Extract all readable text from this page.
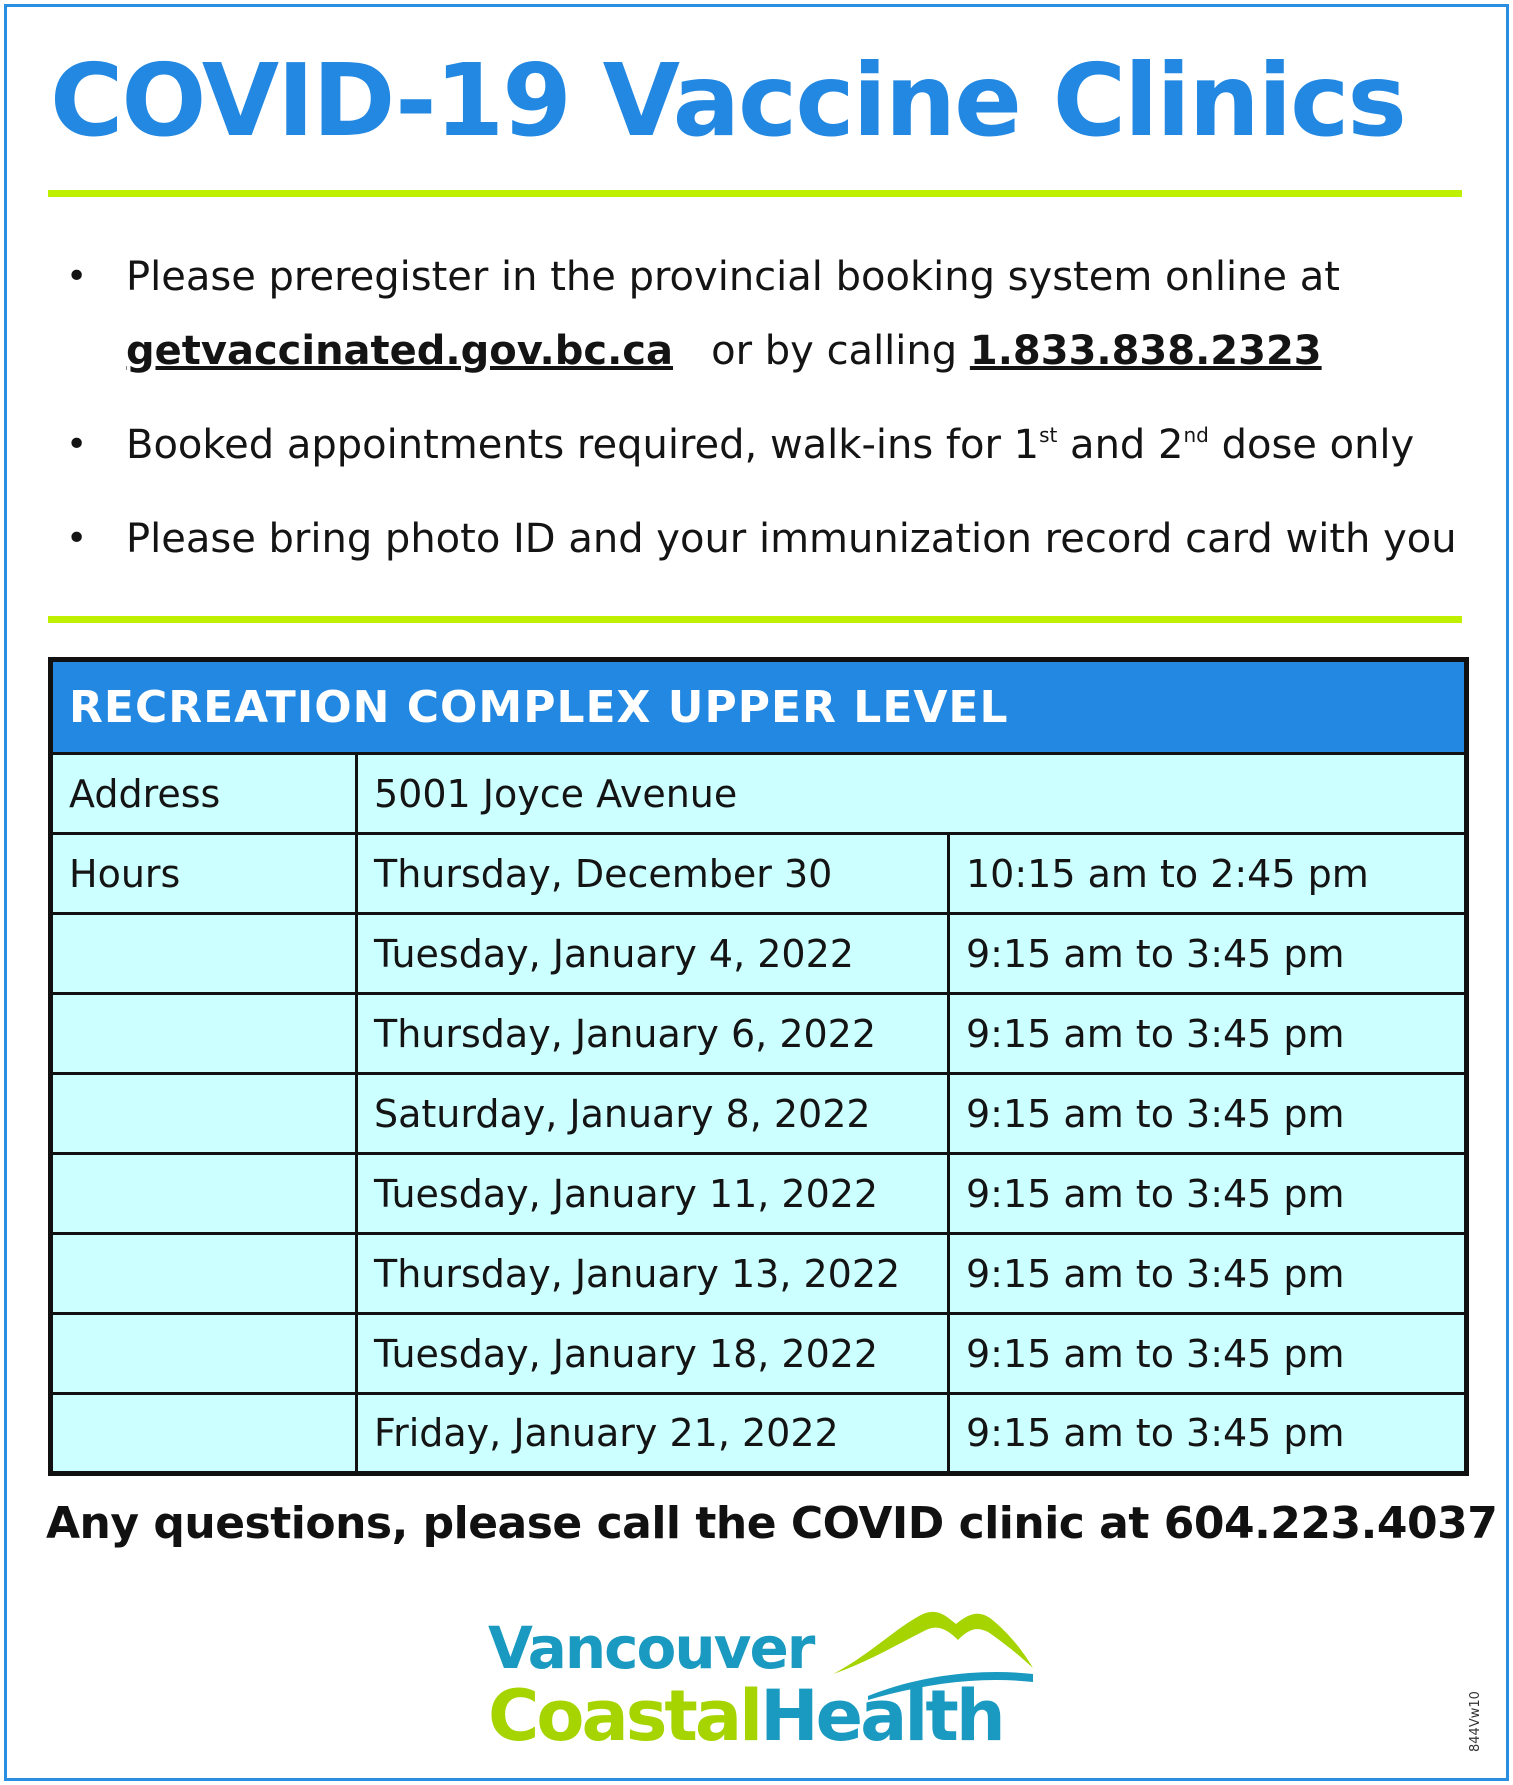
COVID-19 Vaccine Clinics
• Please preregister in the provincial booking system online at
getvaccinated.gov.bc.ca or by calling 1.833.838.2323
• Booked appointments required, walk-ins for 1st and 2nd dose only
• Please bring photo ID and your immunization record card with you
RECREATION COMPLEX UPPER LEVEL		
Address	5001 Joyce Avenue	
Hours	Thursday, December 30	10:15 am to 2:45 pm
	Tuesday, January 4, 2022	9:15 am to 3:45 pm
	Thursday, January 6, 2022	9:15 am to 3:45 pm
	Saturday, January 8, 2022	9:15 am to 3:45 pm
	Tuesday, January 11, 2022	9:15 am to 3:45 pm
	Thursday, January 13, 2022	9:15 am to 3:45 pm
	Tuesday, January 18, 2022	9:15 am to 3:45 pm
	Friday, January 21, 2022	9:15 am to 3:45 pm
Any questions, please call the COVID clinic at 604.223.4037
Vancouver
CoastalHealth	844Vw10
